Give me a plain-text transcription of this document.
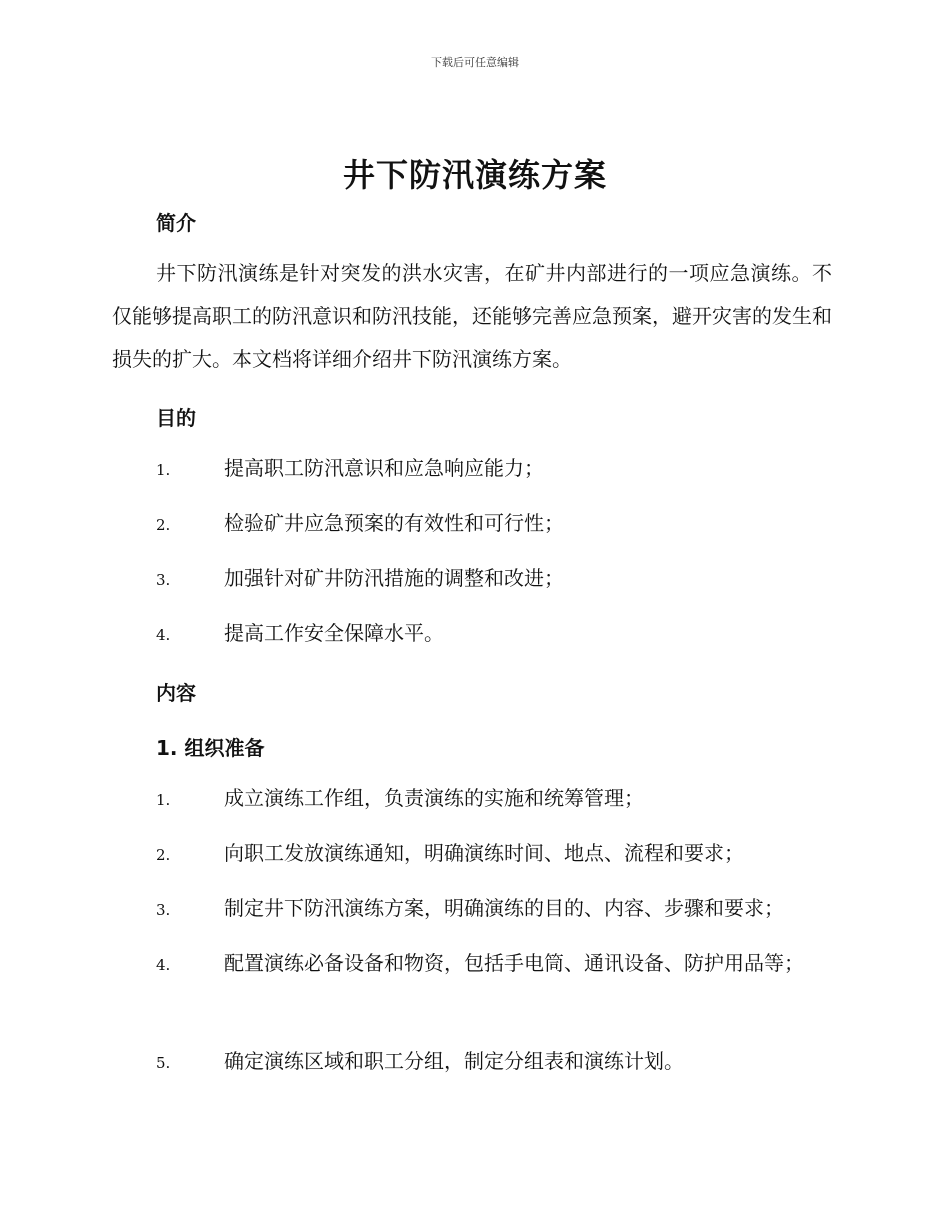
下载后可任意编辑
井下防汛演练方案
简介
井下防汛演练是针对突发的洪水灾害，在矿井内部进行的一项应急演练。不仅能够提高职工的防汛意识和防汛技能，还能够完善应急预案，避开灾害的发生和损失的扩大。本文档将详细介绍井下防汛演练方案。
目的
1.	提高职工防汛意识和应急响应能力；
2.	检验矿井应急预案的有效性和可行性；
3.	加强针对矿井防汛措施的调整和改进；
4.	提高工作安全保障水平。
内容
1. 组织准备
1.	成立演练工作组，负责演练的实施和统筹管理；
2.	向职工发放演练通知，明确演练时间、地点、流程和要求；
3.	制定井下防汛演练方案，明确演练的目的、内容、步骤和要求；
4.	配置演练必备设备和物资，包括手电筒、通讯设备、防护用品等；
5.	确定演练区域和职工分组，制定分组表和演练计划。
